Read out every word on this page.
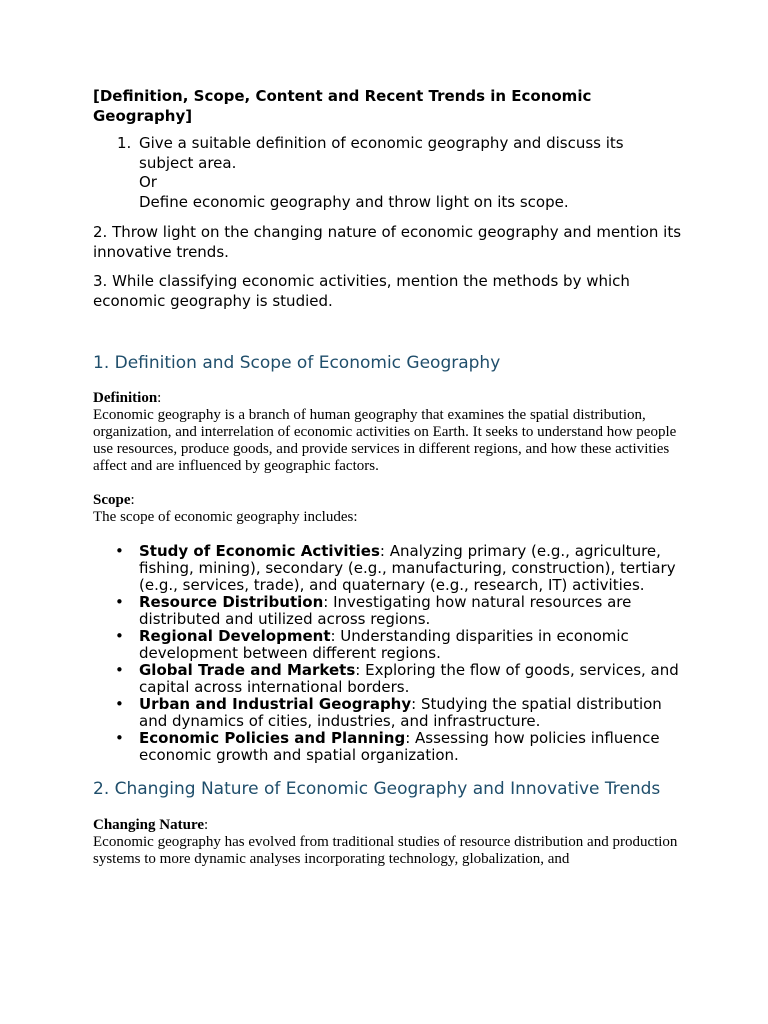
[Definition, Scope, Content and Recent Trends in Economic Geography]

1. Give a suitable definition of economic geography and discuss its
subject area.
Or
Define economic geography and throw light on its scope.

2. Throw light on the changing nature of economic geography and mention its innovative trends.

3. While classifying economic activities, mention the methods by which economic geography is studied.

1. Definition and Scope of Economic Geography

Definition:

Economic geography is a branch of human geography that examines the spatial distribution, organization, and interrelation of economic activities on Earth. It seeks to understand how people use resources, produce goods, and provide services in different regions, and how these activities affect and are influenced by geographic factors.

Scope:

The scope of economic geography includes:

• Study of Economic Activities: Analyzing primary (e.g., agriculture, fishing, mining), secondary (e.g., manufacturing, construction), tertiary (e.g., services, trade), and quaternary (e.g., research, IT) activities.
• Resource Distribution: Investigating how natural resources are distributed and utilized across regions.
• Regional Development: Understanding disparities in economic development between different regions.
• Global Trade and Markets: Exploring the flow of goods, services, and capital across international borders.
• Urban and Industrial Geography: Studying the spatial distribution and dynamics of cities, industries, and infrastructure.
• Economic Policies and Planning: Assessing how policies influence economic growth and spatial organization.
2. Changing Nature of Economic Geography and Innovative Trends

Changing Nature:

Economic geography has evolved from traditional studies of resource distribution and production systems to more dynamic analyses incorporating technology, globalization, and
